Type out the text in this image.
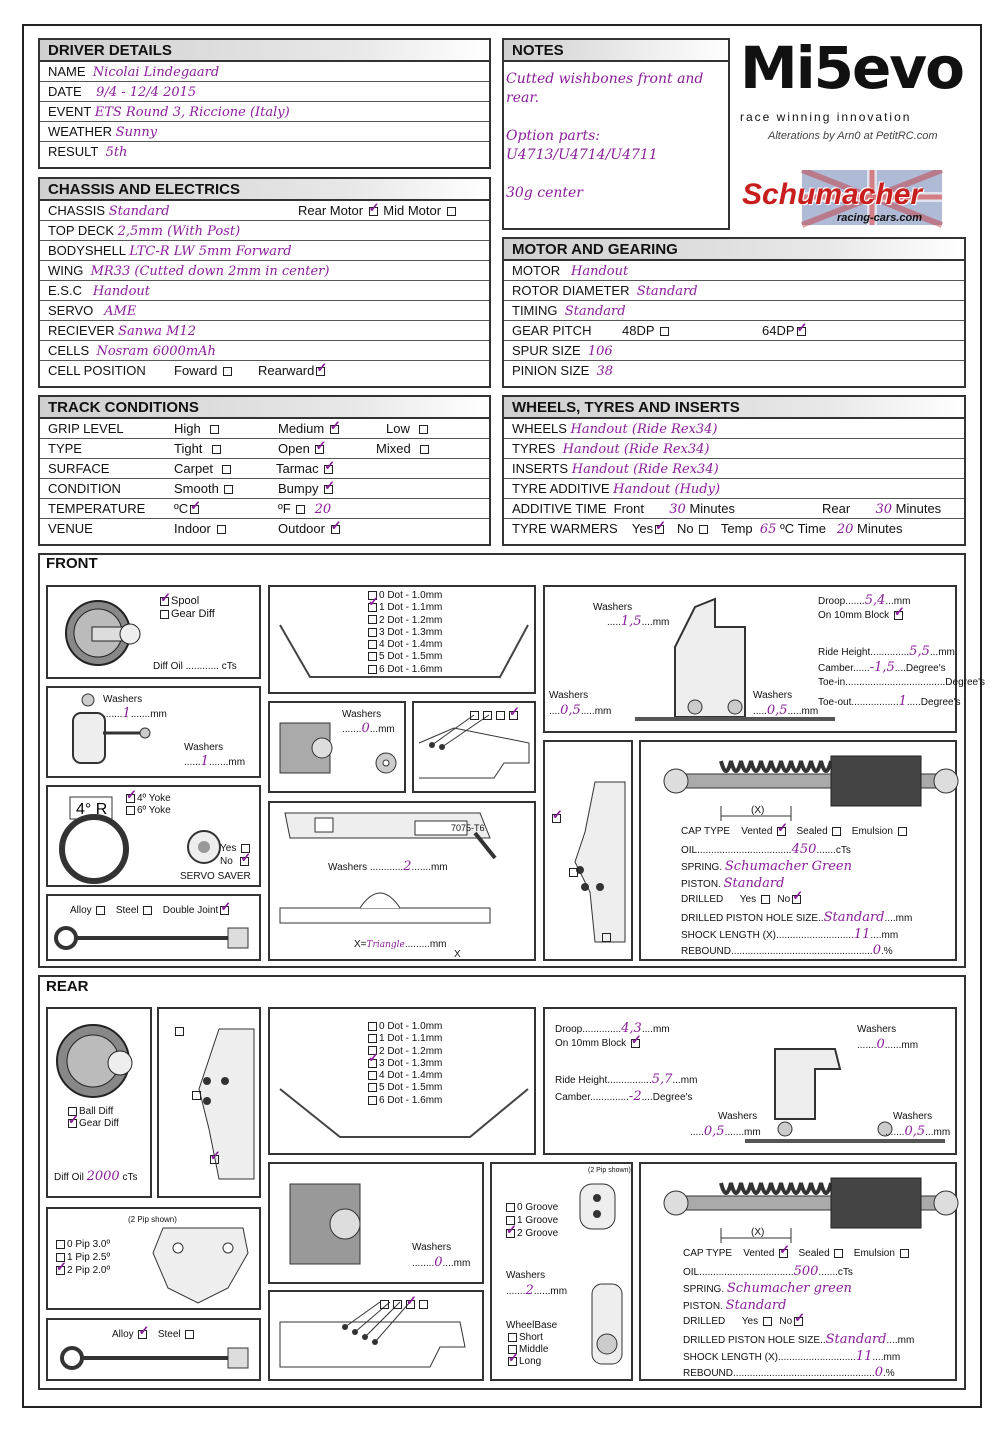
DRIVER DETAILS
NAME Nicolai Lindegaard
DATE 9/4 - 12/4 2015
EVENT ETS Round 3, Riccione (Italy)
WEATHER Sunny
RESULT 5th
NOTES
Cutted wishbones front and
rear.
Option parts:
U4713/U4714/U4711
30g center
Mi5evo
race winning innovation
Alterations by Arn0 at PetitRC.com
Schumacher
racing-cars.com
CHASSIS AND ELECTRICS
CHASSIS Standard	Rear Motor ✓ Mid Motor
TOP DECK 2,5mm (With Post)
BODYSHELL LTC-R LW 5mm Forward
WING MR33 (Cutted down 2mm in center)
E.S.C Handout
SERVO AME
RECIEVER Sanwa M12
CELLS Nosram 6000mAh
CELL POSITION Foward	Rearward✓
MOTOR AND GEARING
MOTOR Handout
ROTOR DIAMETER Standard
TIMING Standard
GEAR PITCH 48DP	64DP✓
SPUR SIZE 106
PINION SIZE 38
TRACK CONDITIONS
GRIP LEVEL	High	Medium ✓	Low
TYPE	Tight	Open ✓	Mixed
SURFACE	Carpet	Tarmac ✓
CONDITION	Smooth	Bumpy ✓
TEMPERATURE ºC ✓	ºF 20
VENUE	Indoor	Outdoor ✓
WHEELS, TYRES AND INSERTS
WHEELS Handout (Ride Rex34)
TYRES Handout (Ride Rex34)
INSERTS Handout (Ride Rex34)
TYRE ADDITIVE Handout (Hudy)
ADDITIVE TIME Front 30 Minutes	Rear 30 Minutes
TYRE WARMERS Yes ✓ No Temp 65 ºC Time 20 Minutes
FRONT
✓Spool
Gear Diff
Diff Oil ............ cTs
0 Dot - 1.0mm
✓1 Dot - 1.1mm
2 Dot - 1.2mm
3 Dot - 1.3mm
4 Dot - 1.4mm
5 Dot - 1.5mm
6 Dot - 1.6mm
Washers
.....1,5....mm
Washers
....0,5.....mm
Washers
.....0,5.....mm
Droop.......5,4...mm
On 10mm Block ✓
Ride Height..............5,5...mm
Camber......-1,5....Degree's
Toe-in....................................Degree's
Toe-out.................1.....Degree's
Washers
.......1.......mm
Washers
......1.......mm
Washers
.......0...mm
✓
4° R
✓4º Yoke
6º Yoke
Yes
No  ✓
SERVO SAVER
7075-T6
Washers ............2.......mm
X=Triangle.........mm
X
Alloy Steel Double Joint✓
✓
(X)
CAP TYPE Vented ✓ Sealed Emulsion
OIL..................................450.......cTs
SPRING. Schumacher Green
PISTON. Standard
DRILLED Yes No✓
DRILLED PISTON HOLE SIZE..Standard....mm
SHOCK LENGTH (X)............................11....mm
REBOUND...................................................0.%
REAR
Ball Diff
✓Gear Diff
Diff Oil 2000 cTs
✓
0 Dot - 1.0mm
1 Dot - 1.1mm
2 Dot - 1.2mm
✓3 Dot - 1.3mm
4 Dot - 1.4mm
5 Dot - 1.5mm
6 Dot - 1.6mm
Droop..............4,3....mm
On 10mm Block ✓
Ride Height................5,7...mm
Camber..............-2....Degree's
Washers
.......0......mm
Washers
.....0,5.......mm
Washers
.......0,5...mm
(2 Pip shown)
0 Pip 3.0º
1 Pip 2.5º
✓2 Pip 2.0º
Washers
........0....mm
✓
Alloy ✓ Steel
(2 Pip shown)
0 Groove
1 Groove
✓2 Groove
Washers
.......2......mm
WheelBase
Short
Middle
✓Long
(X)
CAP TYPE Vented ✓ Sealed Emulsion
OIL..................................500.......cTs
SPRING. Schumacher green
PISTON. Standard
DRILLED Yes No✓
DRILLED PISTON HOLE SIZE..Standard....mm
SHOCK LENGTH (X)............................11....mm
REBOUND...................................................0.%
